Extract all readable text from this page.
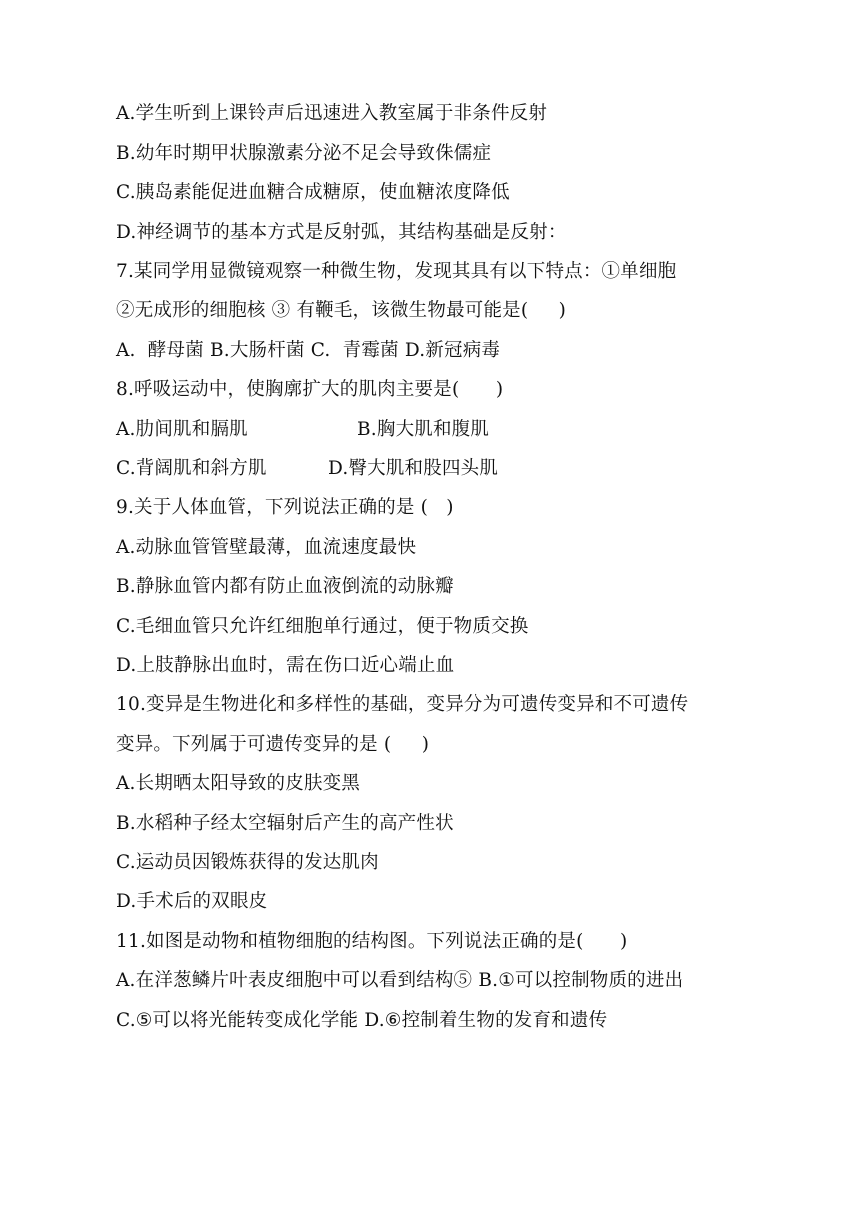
A.学生听到上课铃声后迅速进入教室属于非条件反射
B.幼年时期甲状腺激素分泌不足会导致侏儒症
C.胰岛素能促进血糖合成糖原，使血糖浓度降低
D.神经调节的基本方式是反射弧，其结构基础是反射：
7.某同学用显微镜观察一种微生物，发现其具有以下特点：①单细胞
②无成形的细胞核 ③ 有鞭毛，该微生物最可能是(     )
A.  酵母菌 B.大肠杆菌 C.  青霉菌 D.新冠病毒
8.呼吸运动中，使胸廓扩大的肌肉主要是(      )
A.肋间肌和膈肌	B.胸大肌和腹肌
C.背阔肌和斜方肌	D.臀大肌和股四头肌
9.关于人体血管，下列说法正确的是 (   )
A.动脉血管管壁最薄，血流速度最快
B.静脉血管内都有防止血液倒流的动脉瓣
C.毛细血管只允许红细胞单行通过，便于物质交换
D.上肢静脉出血时，需在伤口近心端止血
10.变异是生物进化和多样性的基础，变异分为可遗传变异和不可遗传
变异。下列属于可遗传变异的是 (     )
A.长期晒太阳导致的皮肤变黑
B.水稻种子经太空辐射后产生的高产性状
C.运动员因锻炼获得的发达肌肉
D.手术后的双眼皮
11.如图是动物和植物细胞的结构图。下列说法正确的是(      )
A.在洋葱鳞片叶表皮细胞中可以看到结构⑤ B.①可以控制物质的进出
C.⑤可以将光能转变成化学能 D.⑥控制着生物的发育和遗传
